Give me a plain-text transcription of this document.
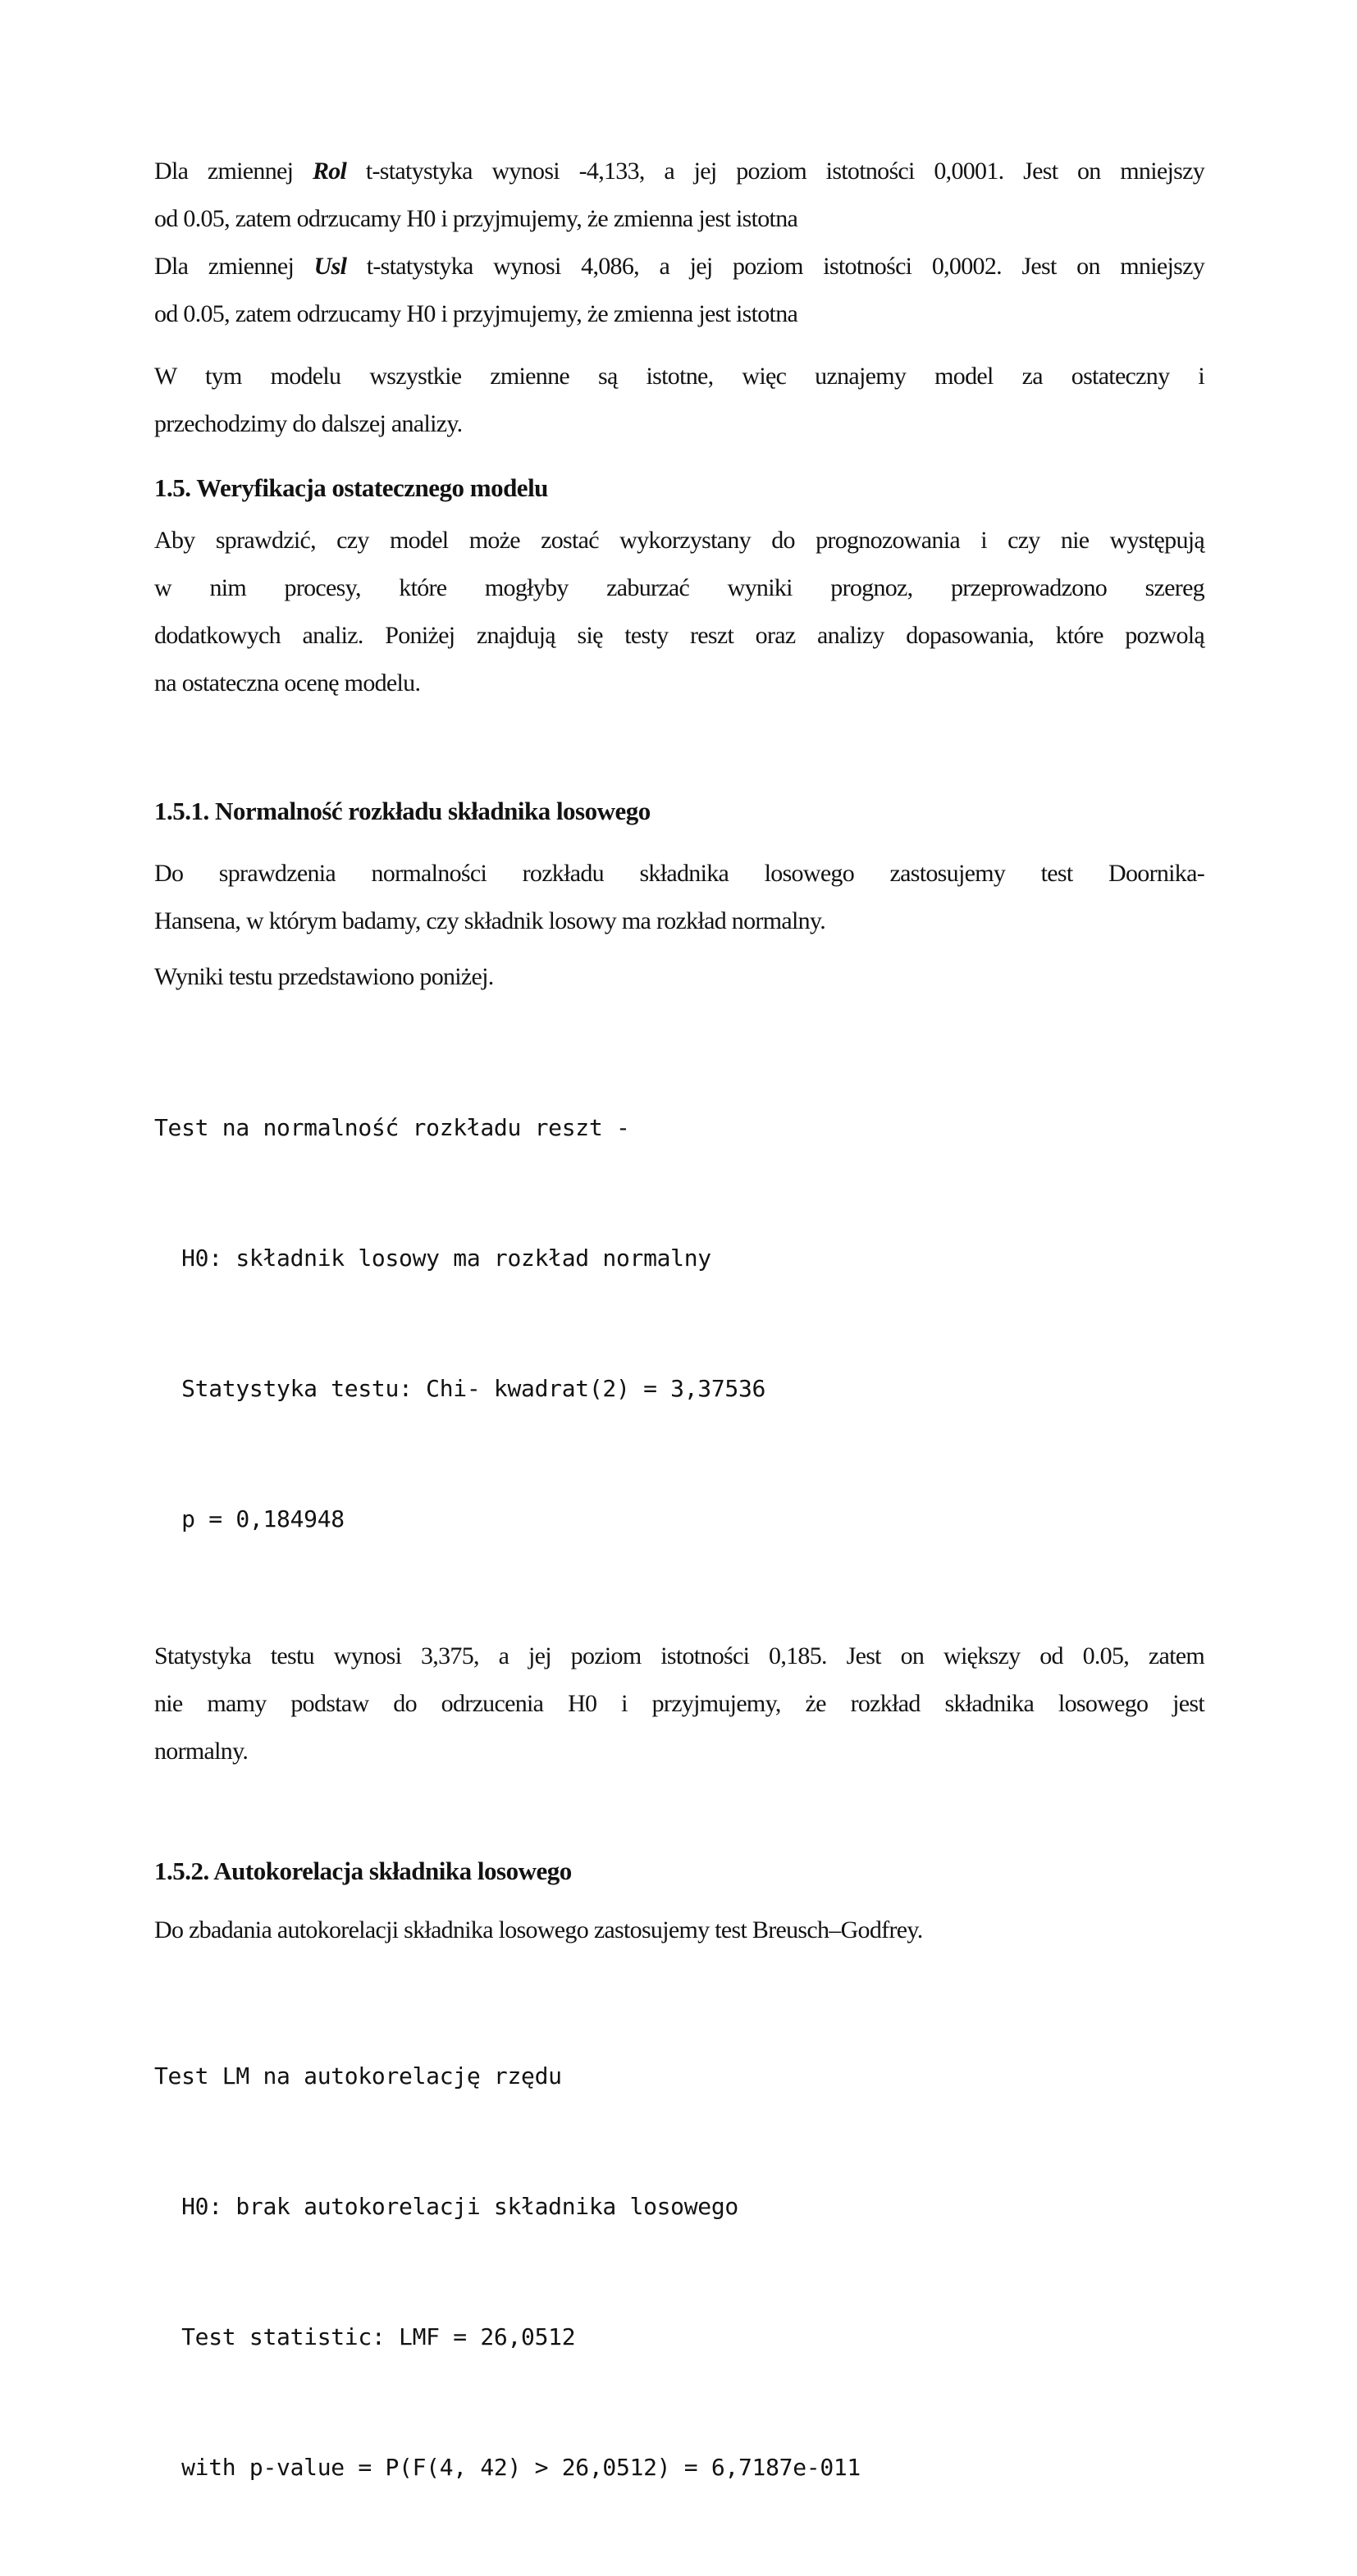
Dla zmiennej Rol t-statystyka wynosi -4,133, a jej poziom istotności 0,0001. Jest on mniejszy
od 0.05, zatem odrzucamy H0 i przyjmujemy, że zmienna jest istotna
Dla zmiennej Usl t-statystyka wynosi 4,086, a jej poziom istotności 0,0002. Jest on mniejszy
od 0.05, zatem odrzucamy H0 i przyjmujemy, że zmienna jest istotna
W tym modelu wszystkie zmienne są istotne, więc uznajemy model za ostateczny i
przechodzimy do dalszej analizy.
1.5. Weryfikacja ostatecznego modelu
Aby sprawdzić, czy model może zostać wykorzystany do prognozowania i czy nie występują
w nim procesy, które mogłyby zaburzać wyniki prognoz, przeprowadzono szereg
dodatkowych analiz. Poniżej znajdują się testy reszt oraz analizy dopasowania, które pozwolą
na ostateczna ocenę modelu.
1.5.1. Normalność rozkładu składnika losowego
Do sprawdzenia normalności rozkładu składnika losowego zastosujemy test Doornika-
Hansena, w którym badamy, czy składnik losowy ma rozkład normalny.
Wyniki testu przedstawiono poniżej.

Test na normalność rozkładu reszt -

H0: składnik losowy ma rozkład normalny

Statystyka testu: Chi- kwadrat(2) = 3,37536

p = 0,184948

Statystyka testu wynosi 3,375, a jej poziom istotności 0,185. Jest on większy od 0.05, zatem
nie mamy podstaw do odrzucenia H0 i przyjmujemy, że rozkład składnika losowego jest
normalny.
1.5.2. Autokorelacja składnika losowego
Do zbadania autokorelacji składnika losowego zastosujemy test Breusch–Godfrey.

Test LM na autokorelację rzędu

H0: brak autokorelacji składnika losowego

Test statistic: LMF = 26,0512

with p-value = P(F(4, 42) > 26,0512) = 6,7187e-011
